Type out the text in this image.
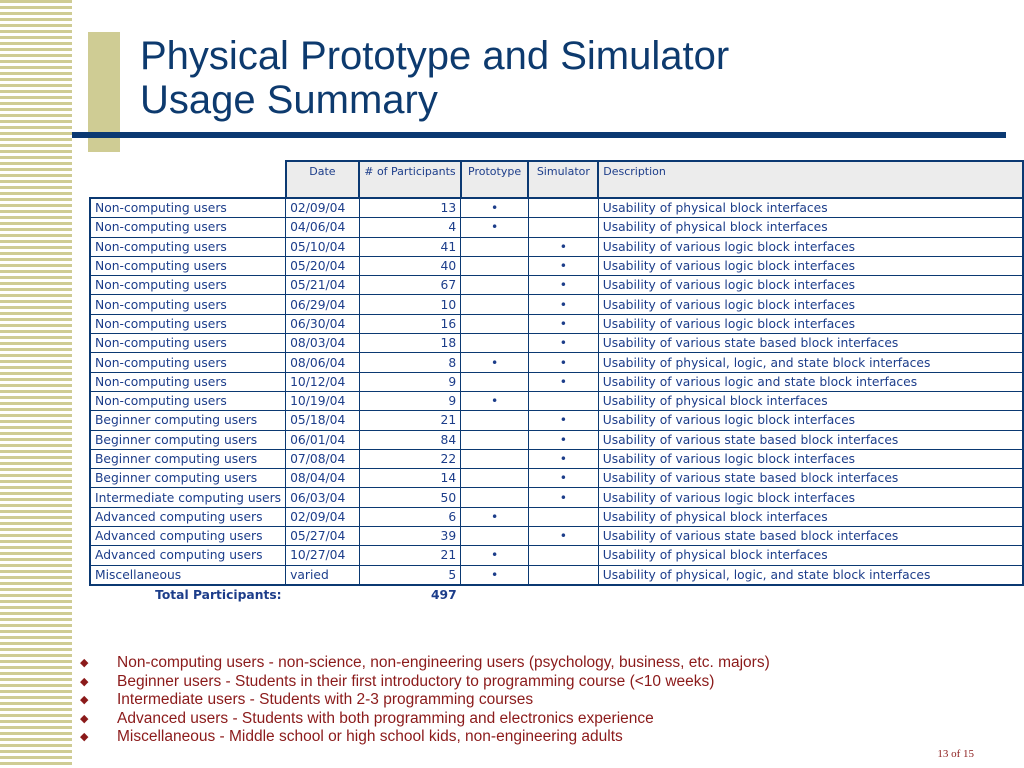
Physical Prototype and Simulator
Usage Summary
	Date	# of Participants	Prototype	Simulator	Description
Non-computing users	02/09/04	13	•		Usability of physical block interfaces
Non-computing users	04/06/04	4	•		Usability of physical block interfaces
Non-computing users	05/10/04	41		•	Usability of various logic block interfaces
Non-computing users	05/20/04	40		•	Usability of various logic block interfaces
Non-computing users	05/21/04	67		•	Usability of various logic block interfaces
Non-computing users	06/29/04	10		•	Usability of various logic block interfaces
Non-computing users	06/30/04	16		•	Usability of various logic block interfaces
Non-computing users	08/03/04	18		•	Usability of various state based block interfaces
Non-computing users	08/06/04	8	•	•	Usability of physical, logic, and state block interfaces
Non-computing users	10/12/04	9		•	Usability of various logic and state block interfaces
Non-computing users	10/19/04	9	•		Usability of physical block interfaces
Beginner computing users	05/18/04	21		•	Usability of various logic block interfaces
Beginner computing users	06/01/04	84		•	Usability of various state based block interfaces
Beginner computing users	07/08/04	22		•	Usability of various logic block interfaces
Beginner computing users	08/04/04	14		•	Usability of various state based block interfaces
Intermediate computing users	06/03/04	50		•	Usability of various logic block interfaces
Advanced computing users	02/09/04	6	•		Usability of physical block interfaces
Advanced computing users	05/27/04	39		•	Usability of various state based block interfaces
Advanced computing users	10/27/04	21	•		Usability of physical block interfaces
Miscellaneous	varied	5	•		Usability of physical, logic, and state block interfaces
Total Participants:		497			
◆ Non-computing users - non-science, non-engineering users (psychology, business, etc. majors)
◆ Beginner users - Students in their first introductory to programming course (<10 weeks)
◆ Intermediate users - Students with 2-3 programming courses
◆ Advanced users - Students with both programming and electronics experience
◆ Miscellaneous - Middle school or high school kids, non-engineering adults
13 of 15
